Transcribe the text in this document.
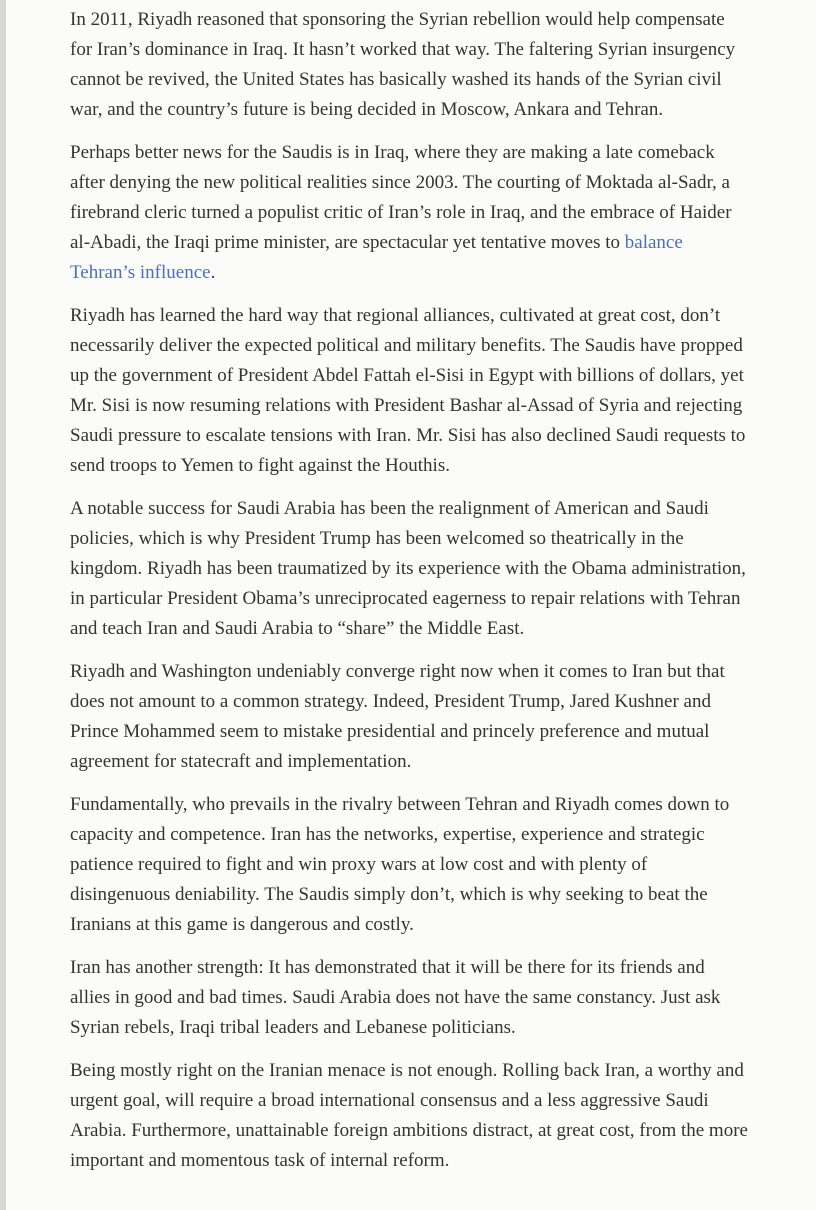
In 2011, Riyadh reasoned that sponsoring the Syrian rebellion would help compensate for Iran’s dominance in Iraq. It hasn’t worked that way. The faltering Syrian insurgency cannot be revived, the United States has basically washed its hands of the Syrian civil war, and the country’s future is being decided in Moscow, Ankara and Tehran.

Perhaps better news for the Saudis is in Iraq, where they are making a late comeback after denying the new political realities since 2003. The courting of Moktada al-Sadr, a firebrand cleric turned a populist critic of Iran’s role in Iraq, and the embrace of Haider al-Abadi, the Iraqi prime minister, are spectacular yet tentative moves to balance Tehran’s influence.

Riyadh has learned the hard way that regional alliances, cultivated at great cost, don’t necessarily deliver the expected political and military benefits. The Saudis have propped up the government of President Abdel Fattah el-Sisi in Egypt with billions of dollars, yet Mr. Sisi is now resuming relations with President Bashar al-Assad of Syria and rejecting Saudi pressure to escalate tensions with Iran. Mr. Sisi has also declined Saudi requests to send troops to Yemen to fight against the Houthis.

A notable success for Saudi Arabia has been the realignment of American and Saudi policies, which is why President Trump has been welcomed so theatrically in the kingdom. Riyadh has been traumatized by its experience with the Obama administration, in particular President Obama’s unreciprocated eagerness to repair relations with Tehran and teach Iran and Saudi Arabia to “share” the Middle East.

Riyadh and Washington undeniably converge right now when it comes to Iran but that does not amount to a common strategy. Indeed, President Trump, Jared Kushner and Prince Mohammed seem to mistake presidential and princely preference and mutual agreement for statecraft and implementation.

Fundamentally, who prevails in the rivalry between Tehran and Riyadh comes down to capacity and competence. Iran has the networks, expertise, experience and strategic patience required to fight and win proxy wars at low cost and with plenty of disingenuous deniability. The Saudis simply don’t, which is why seeking to beat the Iranians at this game is dangerous and costly.

Iran has another strength: It has demonstrated that it will be there for its friends and allies in good and bad times. Saudi Arabia does not have the same constancy. Just ask Syrian rebels, Iraqi tribal leaders and Lebanese politicians.

Being mostly right on the Iranian menace is not enough. Rolling back Iran, a worthy and urgent goal, will require a broad international consensus and a less aggressive Saudi Arabia. Furthermore, unattainable foreign ambitions distract, at great cost, from the more important and momentous task of internal reform.
